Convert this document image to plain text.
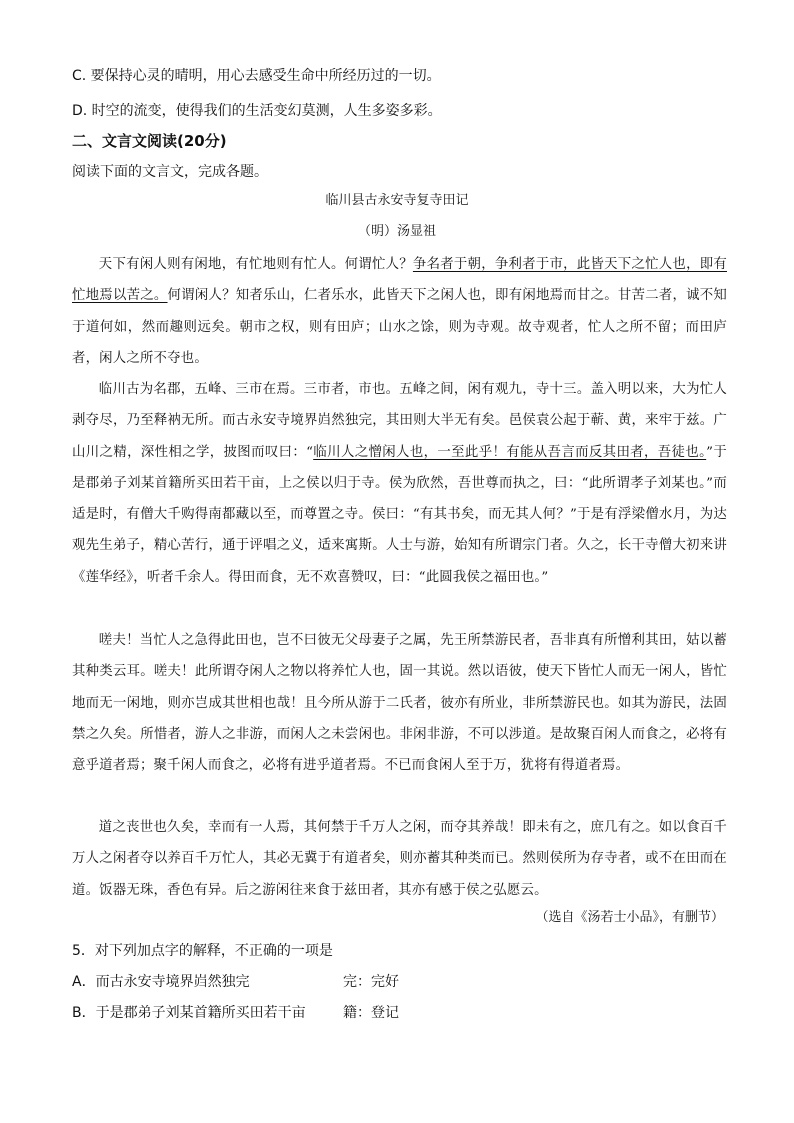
C. 要保持心灵的晴明，用心去感受生命中所经历过的一切。
D. 时空的流变，使得我们的生活变幻莫测，人生多姿多彩。
二、文言文阅读(20分)
阅读下面的文言文，完成各题。
临川县古永安寺复寺田记
（明）汤显祖

天下有闲人则有闲地，有忙地则有忙人。何谓忙人？争名者于朝，争利者于市，此皆天下之忙人也，即有忙地焉以苦之。何谓闲人？知者乐山，仁者乐水，此皆天下之闲人也，即有闲地焉而甘之。甘苦二者，诚不知于道何如，然而趣则远矣。朝市之权，则有田庐；山水之馀，则为寺观。故寺观者，忙人之所不留；而田庐者，闲人之所不夺也。

临川古为名郡，五峰、三市在焉。三市者，市也。五峰之间，闲有观九，寺十三。盖入明以来，大为忙人剥夺尽，乃至释衲无所。而古永安寺境界岿然独完，其田则大半无有矣。邑侯袁公起于蕲、黄，来牢于兹。广山川之精，深性相之学，披图而叹曰：“临川人之憎闲人也，一至此乎！有能从吾言而反其田者，吾徒也。”于是郡弟子刘某首籍所买田若干亩，上之侯以归于寺。侯为欣然，吾世尊而执之，曰：“此所谓孝子刘某也。”而适是时，有僧大千购得南都藏以至，而尊置之寺。侯曰：“有其书矣，而无其人何？”于是有浮梁僧水月，为达观先生弟子，精心苦行，通于评唱之义，适来寓斯。人士与游，始知有所谓宗门者。久之，长干寺僧大初来讲《莲华经》，听者千余人。得田而食，无不欢喜赞叹，曰：“此圆我侯之福田也。”

嗟夫！当忙人之急得此田也，岂不曰彼无父母妻子之属，先王所禁游民者，吾非真有所憎利其田，姑以蓄其种类云耳。嗟夫！此所谓夺闲人之物以将养忙人也，固一其说。然以语彼，使天下皆忙人而无一闲人，皆忙地而无一闲地，则亦岂成其世相也哉！且今所从游于二氏者，彼亦有所业，非所禁游民也。如其为游民，法固禁之久矣。所惜者，游人之非游，而闲人之未尝闲也。非闲非游，不可以涉道。是故聚百闲人而食之，必将有意乎道者焉；聚千闲人而食之，必将有进乎道者焉。不已而食闲人至于万，犹将有得道者焉。

道之丧世也久矣，幸而有一人焉，其何禁于千万人之闲，而夺其养哉！即未有之，庶几有之。如以食百千万人之闲者夺以养百千万忙人，其必无冀于有道者矣，则亦蓄其种类而已。然则侯所为存寺者，或不在田而在道。饭器无珠，香色有异。后之游闲往来食于兹田者，其亦有感于侯之弘愿云。

（选自《汤若士小品》，有删节）
5．对下列加点字的解释，不正确的一项是
A．而古永安寺境界岿然独完	完：完好
B．于是郡弟子刘某首籍所买田若干亩	籍：登记
